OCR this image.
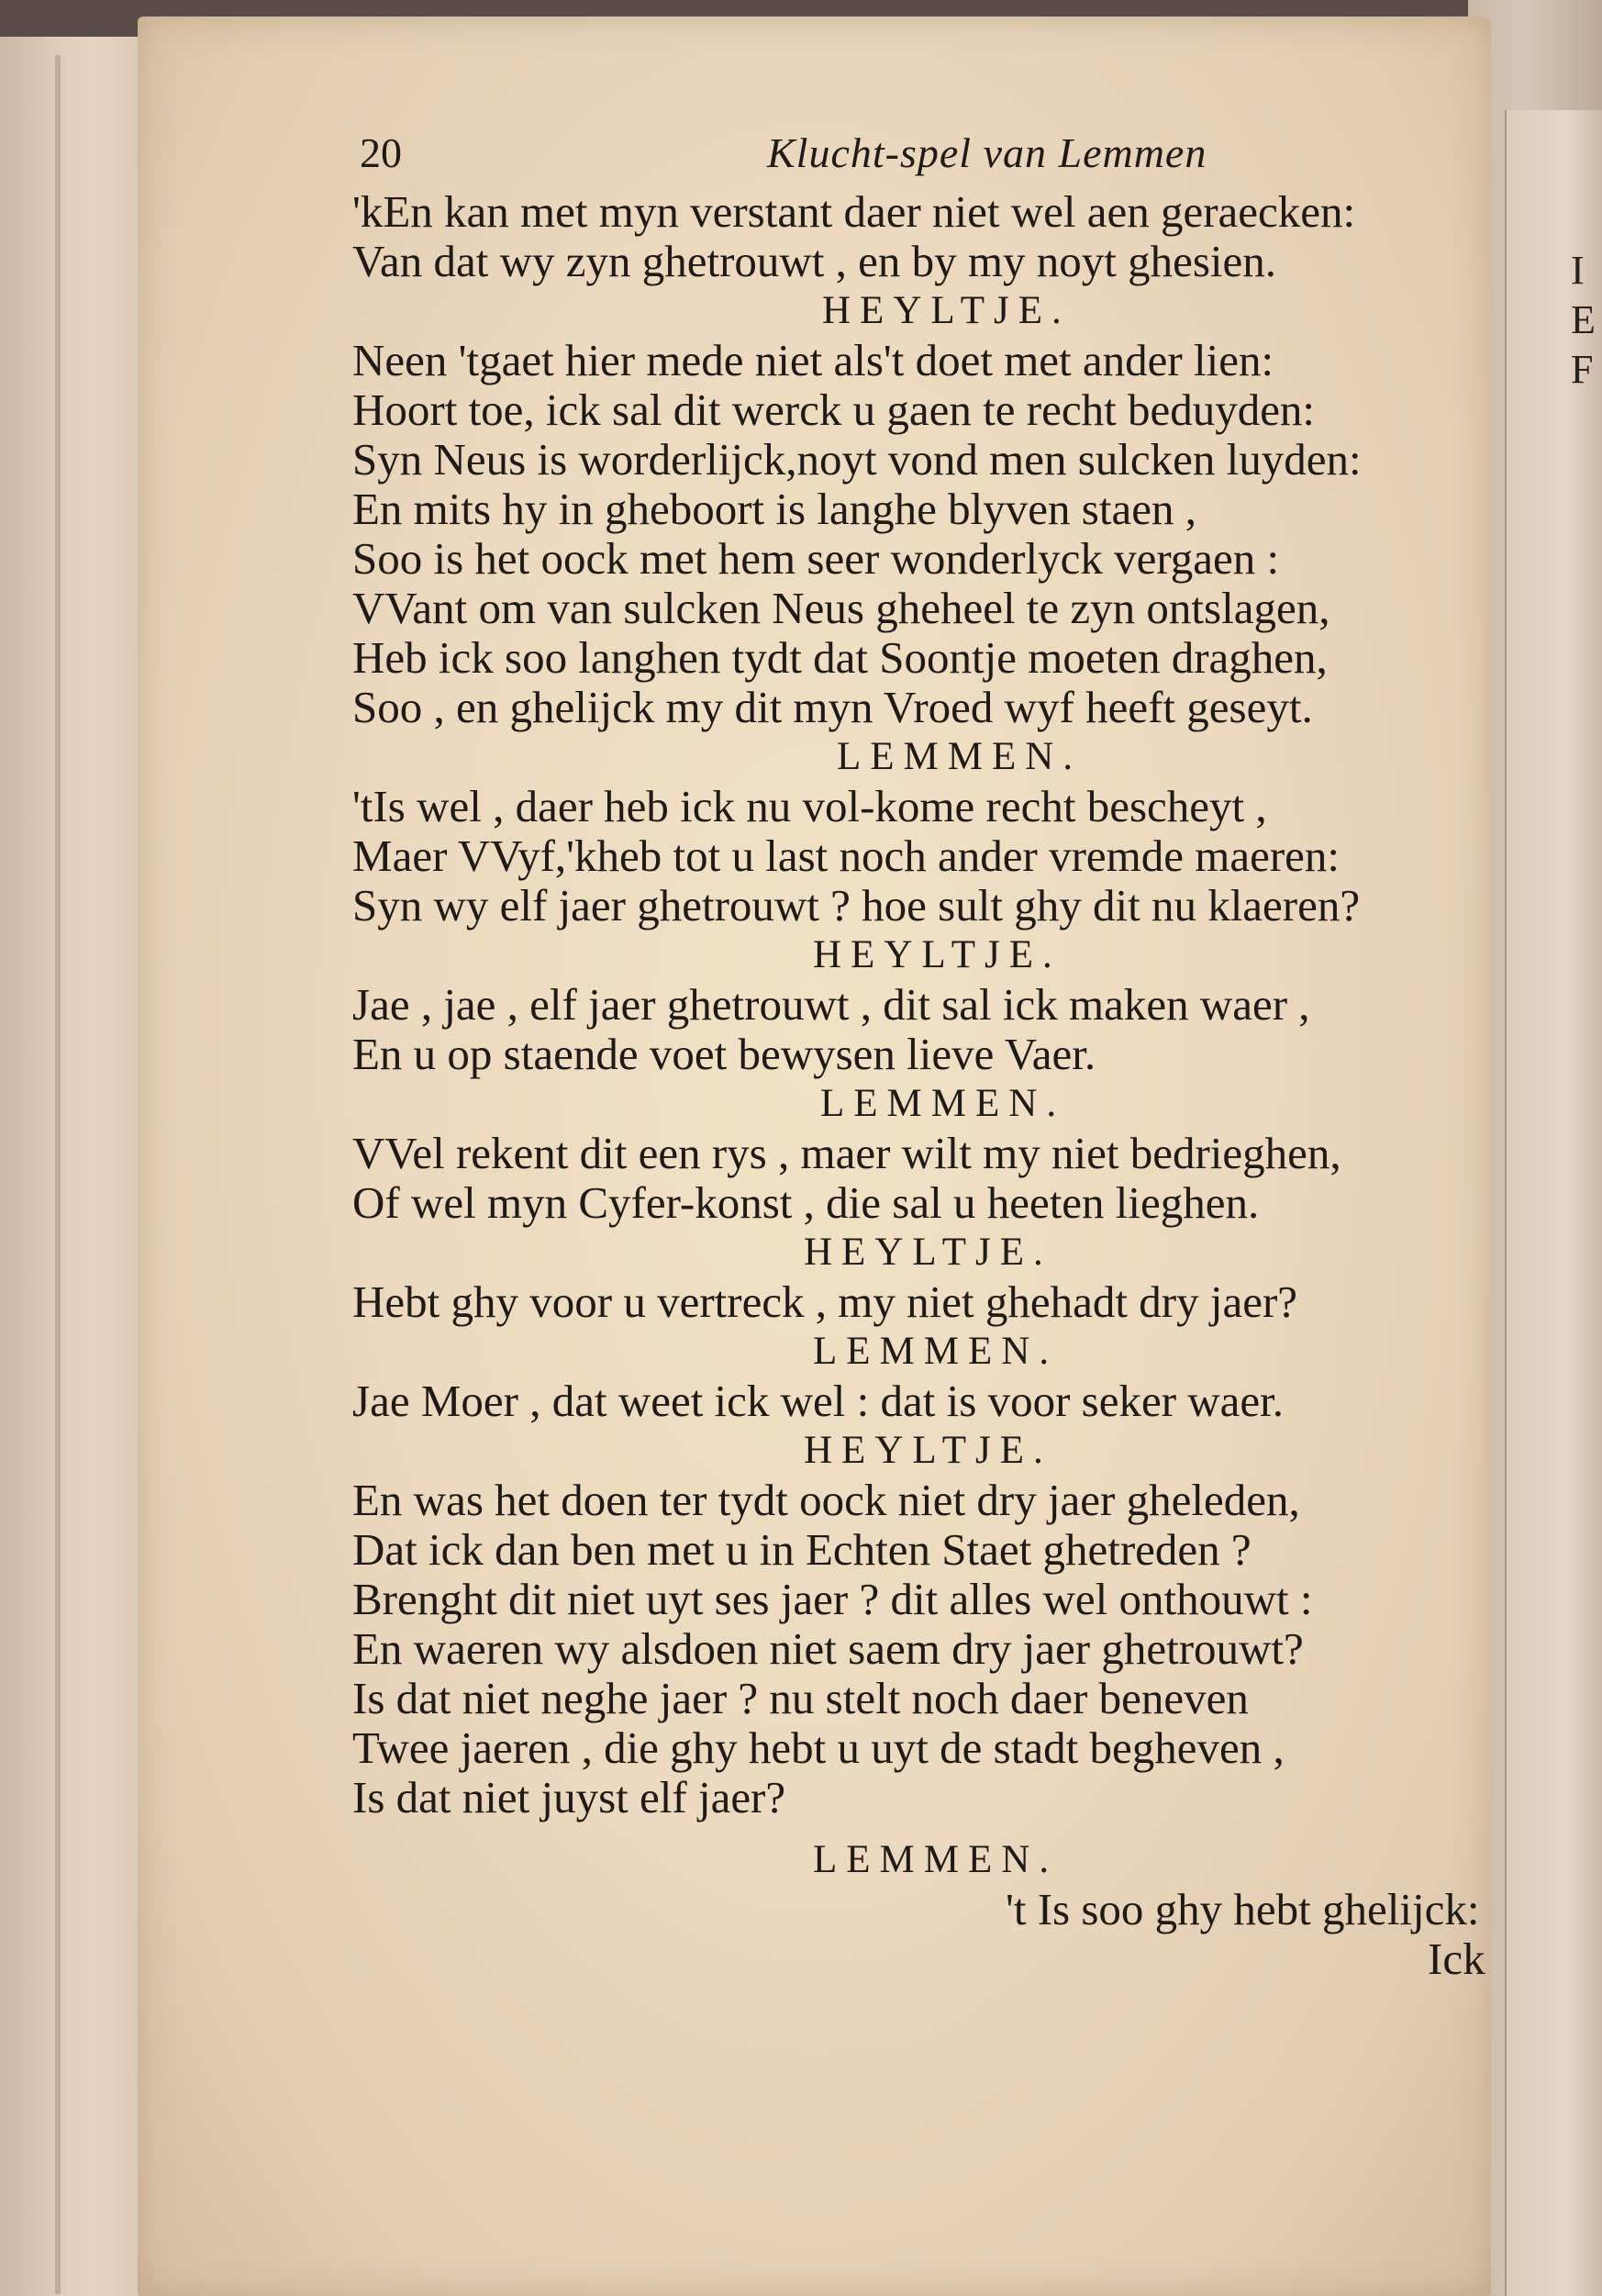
I
E
F
20	Klucht-spel van Lemmen
'kEn kan met myn verstant daer niet wel aen geraecken:
Van dat wy zyn ghetrouwt , en by my noyt ghesien.
HEYLTJE.
Neen 'tgaet hier mede niet als't doet met ander lien:
Hoort toe, ick sal dit werck u gaen te recht beduyden:
Syn Neus is worderlijck,noyt vond men sulcken luyden:
En mits hy in gheboort is langhe blyven staen ,
Soo is het oock met hem seer wonderlyck vergaen :
VVant om van sulcken Neus gheheel te zyn ontslagen,
Heb ick soo langhen tydt dat Soontje moeten draghen,
Soo , en ghelijck my dit myn Vroed wyf heeft geseyt.
LEMMEN.
'tIs wel , daer heb ick nu vol-kome recht bescheyt ,
Maer VVyf,'kheb tot u last noch ander vremde maeren:
Syn wy elf jaer ghetrouwt ? hoe sult ghy dit nu klaeren?
HEYLTJE.
Jae , jae , elf jaer ghetrouwt , dit sal ick maken waer ,
En u op staende voet bewysen lieve Vaer.
LEMMEN.
VVel rekent dit een rys , maer wilt my niet bedrieghen,
Of wel myn Cyfer-konst , die sal u heeten lieghen.
HEYLTJE.
Hebt ghy voor u vertreck , my niet ghehadt dry jaer?
LEMMEN.
Jae Moer , dat weet ick wel : dat is voor seker waer.
HEYLTJE.
En was het doen ter tydt oock niet dry jaer gheleden,
Dat ick dan ben met u in Echten Staet ghetreden ?
Brenght dit niet uyt ses jaer ? dit alles wel onthouwt :
En waeren wy alsdoen niet saem dry jaer ghetrouwt?
Is dat niet neghe jaer ? nu stelt noch daer beneven
Twee jaeren , die ghy hebt u uyt de stadt begheven ,
Is dat niet juyst elf jaer?
LEMMEN.
't Is soo ghy hebt ghelijck:
Ick
